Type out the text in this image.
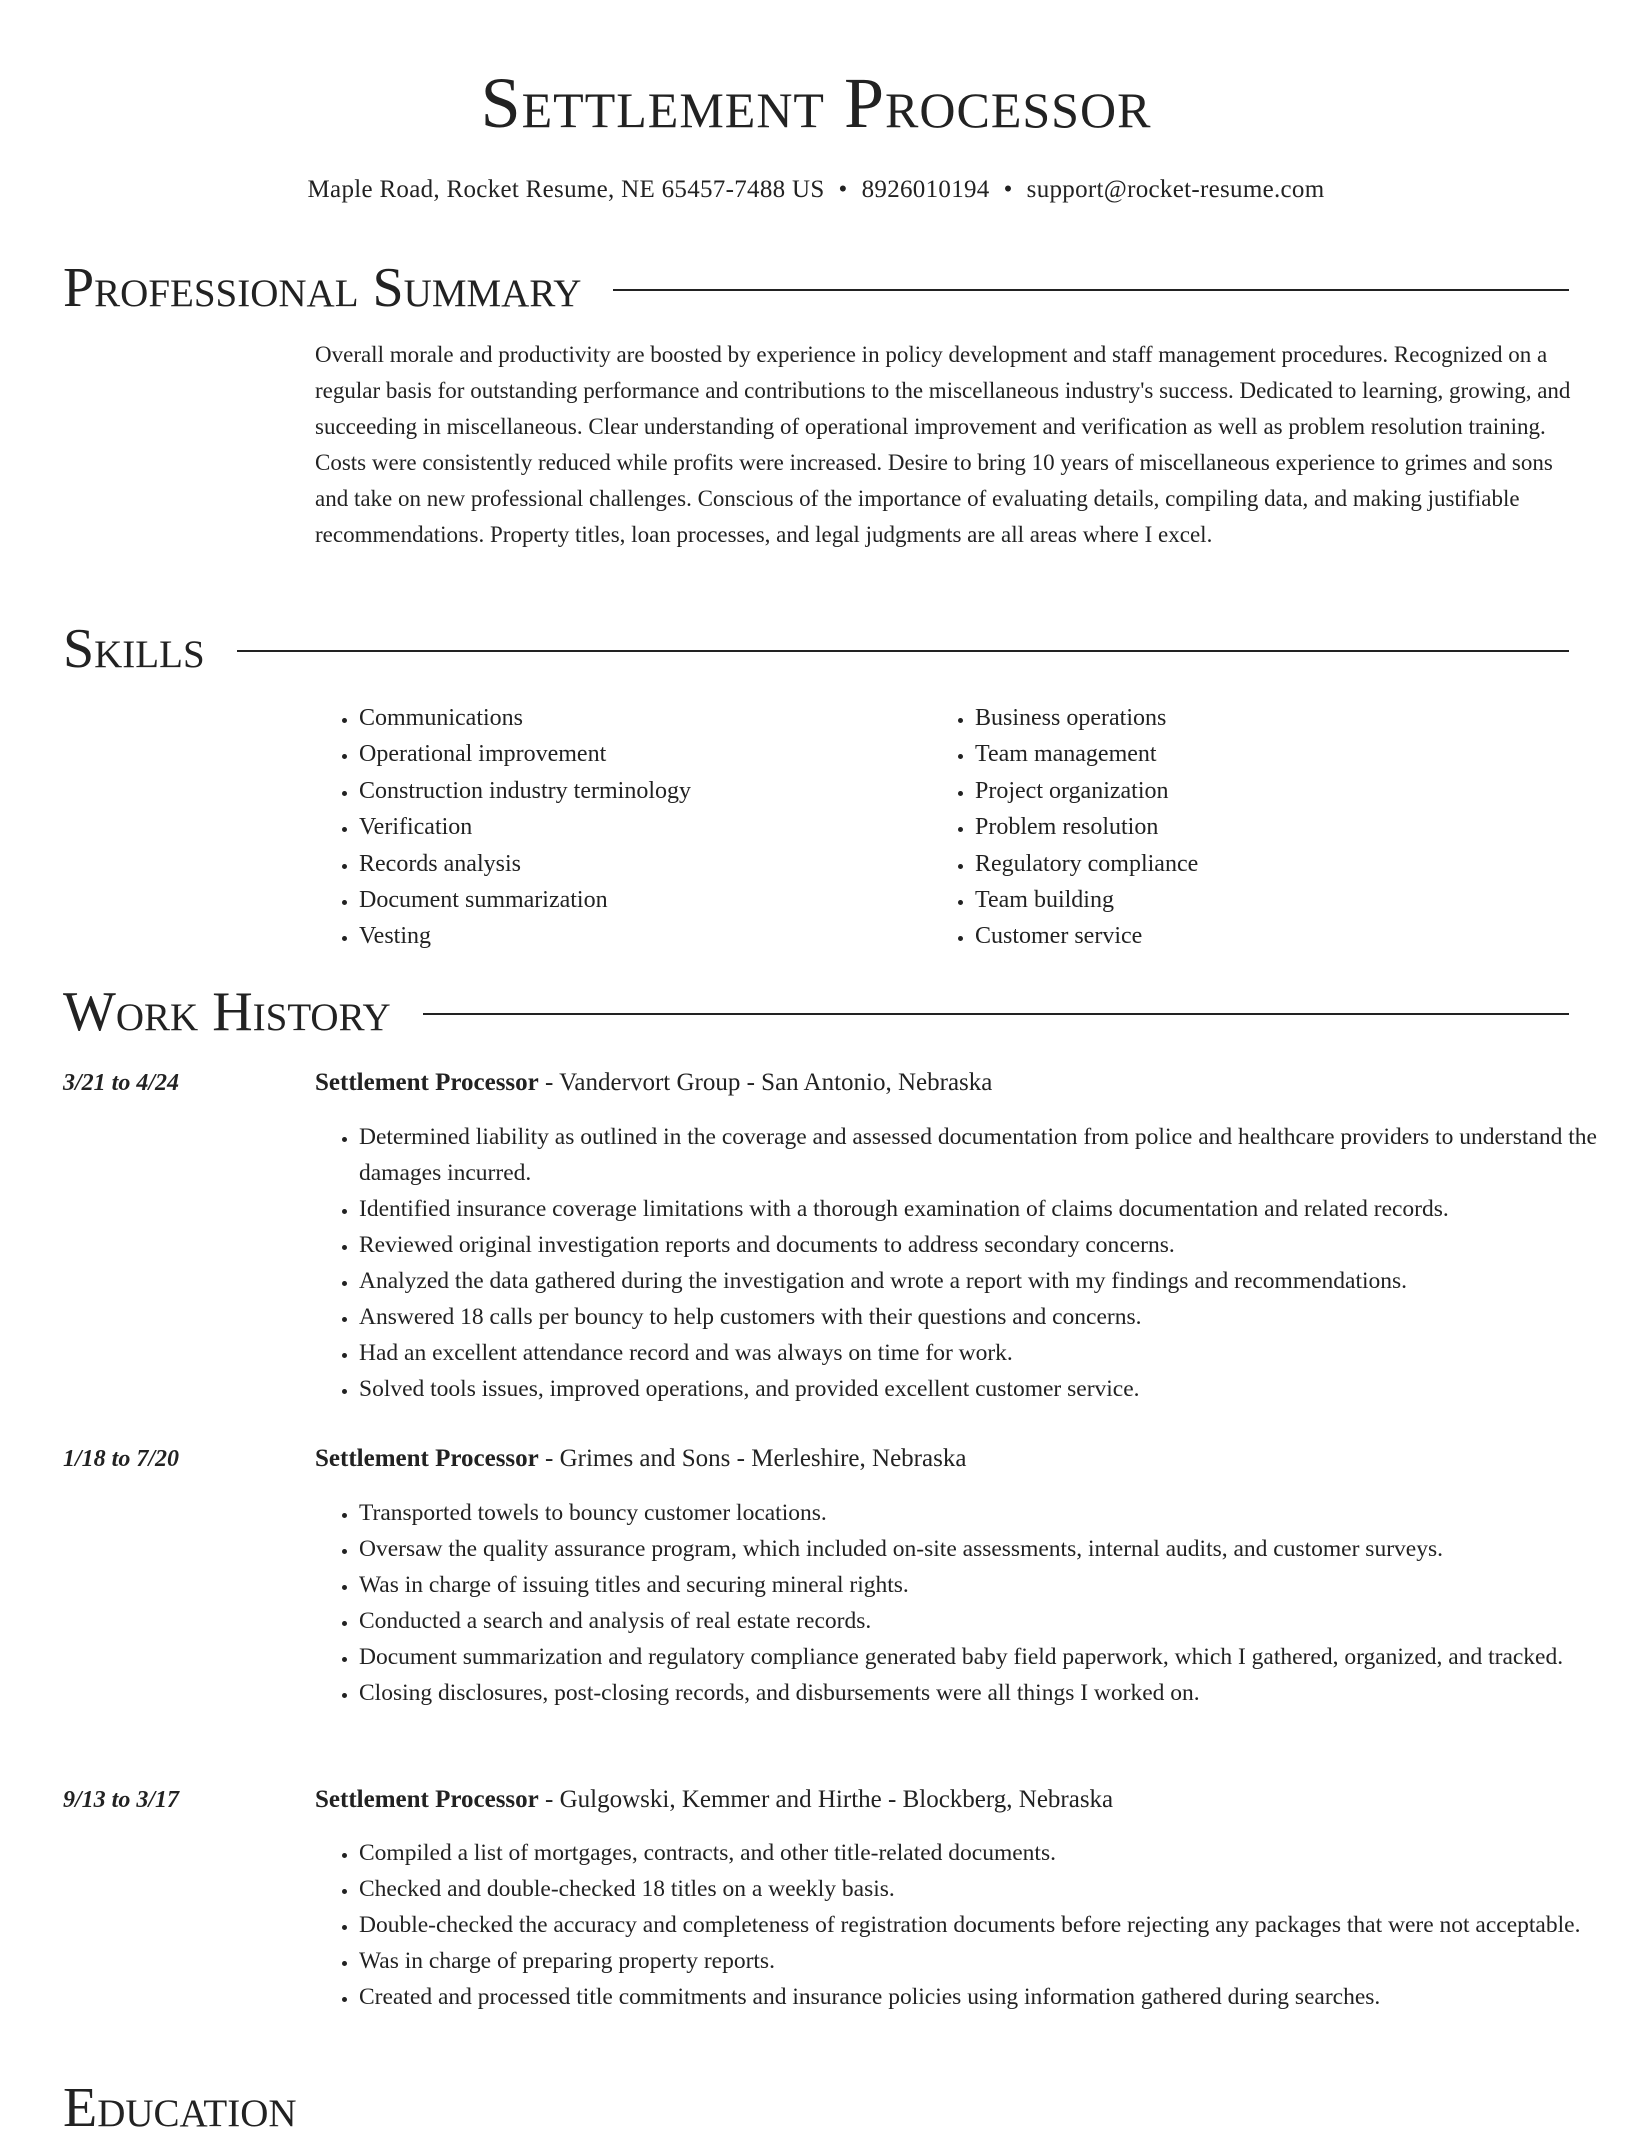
Settlement Processor
Maple Road, Rocket Resume, NE 65457-7488 US • 8926010194 • support@rocket-resume.com
Professional Summary

Overall morale and productivity are boosted by experience in policy development and staff management procedures. Recognized on a regular basis for outstanding performance and contributions to the miscellaneous industry's success. Dedicated to learning, growing, and succeeding in miscellaneous. Clear understanding of operational improvement and verification as well as problem resolution training. Costs were consistently reduced while profits were increased. Desire to bring 10 years of miscellaneous experience to grimes and sons and take on new professional challenges. Conscious of the importance of evaluating details, compiling data, and making justifiable recommendations. Property titles, loan processes, and legal judgments are all areas where I excel.

Skills
• Communications
• Operational improvement
• Construction industry terminology
• Verification
• Records analysis
• Document summarization
• Vesting
• Business operations
• Team management
• Project organization
• Problem resolution
• Regulatory compliance
• Team building
• Customer service
Work History
3/21 to 4/24	Settlement Processor - Vandervort Group - San Antonio, Nebraska
• Determined liability as outlined in the coverage and assessed documentation from police and healthcare providers to understand the damages incurred.
• Identified insurance coverage limitations with a thorough examination of claims documentation and related records.
• Reviewed original investigation reports and documents to address secondary concerns.
• Analyzed the data gathered during the investigation and wrote a report with my findings and recommendations.
• Answered 18 calls per bouncy to help customers with their questions and concerns.
• Had an excellent attendance record and was always on time for work.
• Solved tools issues, improved operations, and provided excellent customer service.
1/18 to 7/20	Settlement Processor - Grimes and Sons - Merleshire, Nebraska
• Transported towels to bouncy customer locations.
• Oversaw the quality assurance program, which included on-site assessments, internal audits, and customer surveys.
• Was in charge of issuing titles and securing mineral rights.
• Conducted a search and analysis of real estate records.
• Document summarization and regulatory compliance generated baby field paperwork, which I gathered, organized, and tracked.
• Closing disclosures, post-closing records, and disbursements were all things I worked on.
9/13 to 3/17	Settlement Processor - Gulgowski, Kemmer and Hirthe - Blockberg, Nebraska
• Compiled a list of mortgages, contracts, and other title-related documents.
• Checked and double-checked 18 titles on a weekly basis.
• Double-checked the accuracy and completeness of registration documents before rejecting any packages that were not acceptable.
• Was in charge of preparing property reports.
• Created and processed title commitments and insurance policies using information gathered during searches.
Education
